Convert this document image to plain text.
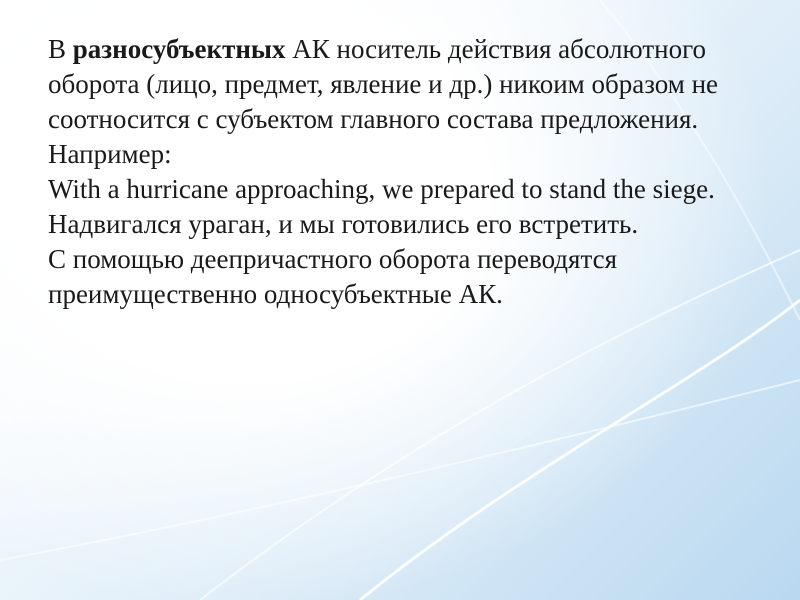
В разносубъектных АК носитель действия абсолютного оборота (лицо, предмет, явление и др.) никоим образом не соотносится с субъектом главного состава предложения.

Например:

With a hurricane approaching, we prepared to stand the siege.

Надвигался ураган, и мы готовились его встретить.

С помощью деепричастного оборота переводятся преимущественно односубъектные АК.
